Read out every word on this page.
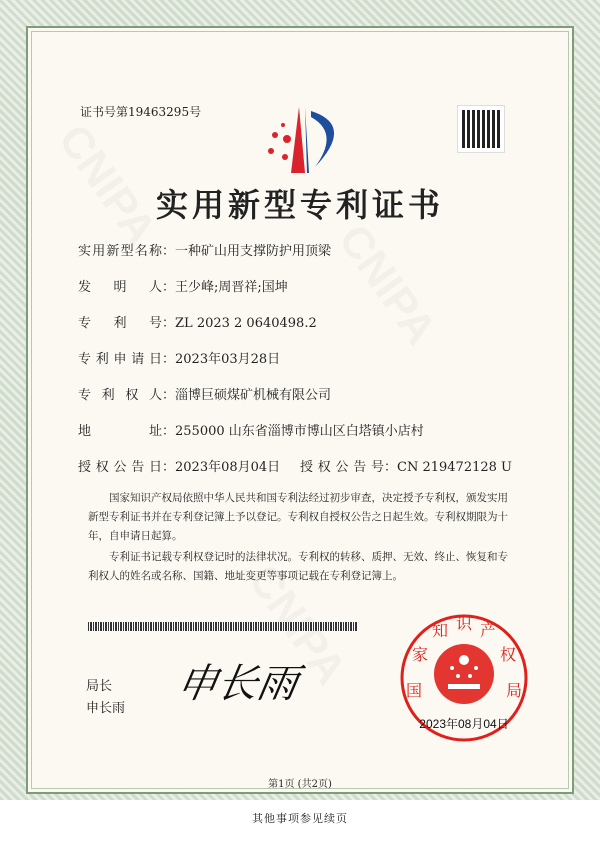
证书号第19463295号
实用新型专利证书
实用新型名称：一种矿山用支撑防护用顶梁
发明人：王少峰;周晋祥;国坤
专利号：ZL 2023 2 0640498.2
专利申请日：2023年03月28日
专利权人：淄博巨硕煤矿机械有限公司
地址：255000 山东省淄博市博山区白塔镇小店村
授权公告日：2023年08月04日 授权公告号：CN 219472128 U
国家知识产权局依照中华人民共和国专利法经过初步审查，决定授予专利权，颁发实用新型专利证书并在专利登记簿上予以登记。专利权自授权公告之日起生效。专利权期限为十年，自申请日起算。
专利证书记载专利权登记时的法律状况。专利权的转移、质押、无效、终止、恢复和专利权人的姓名或名称、国籍、地址变更等事项记载在专利登记簿上。
局长
申长雨
申长雨	国
家
知 识 产
权
局
2023年08月04日
第1页 (共2页)
其他事项参见续页
